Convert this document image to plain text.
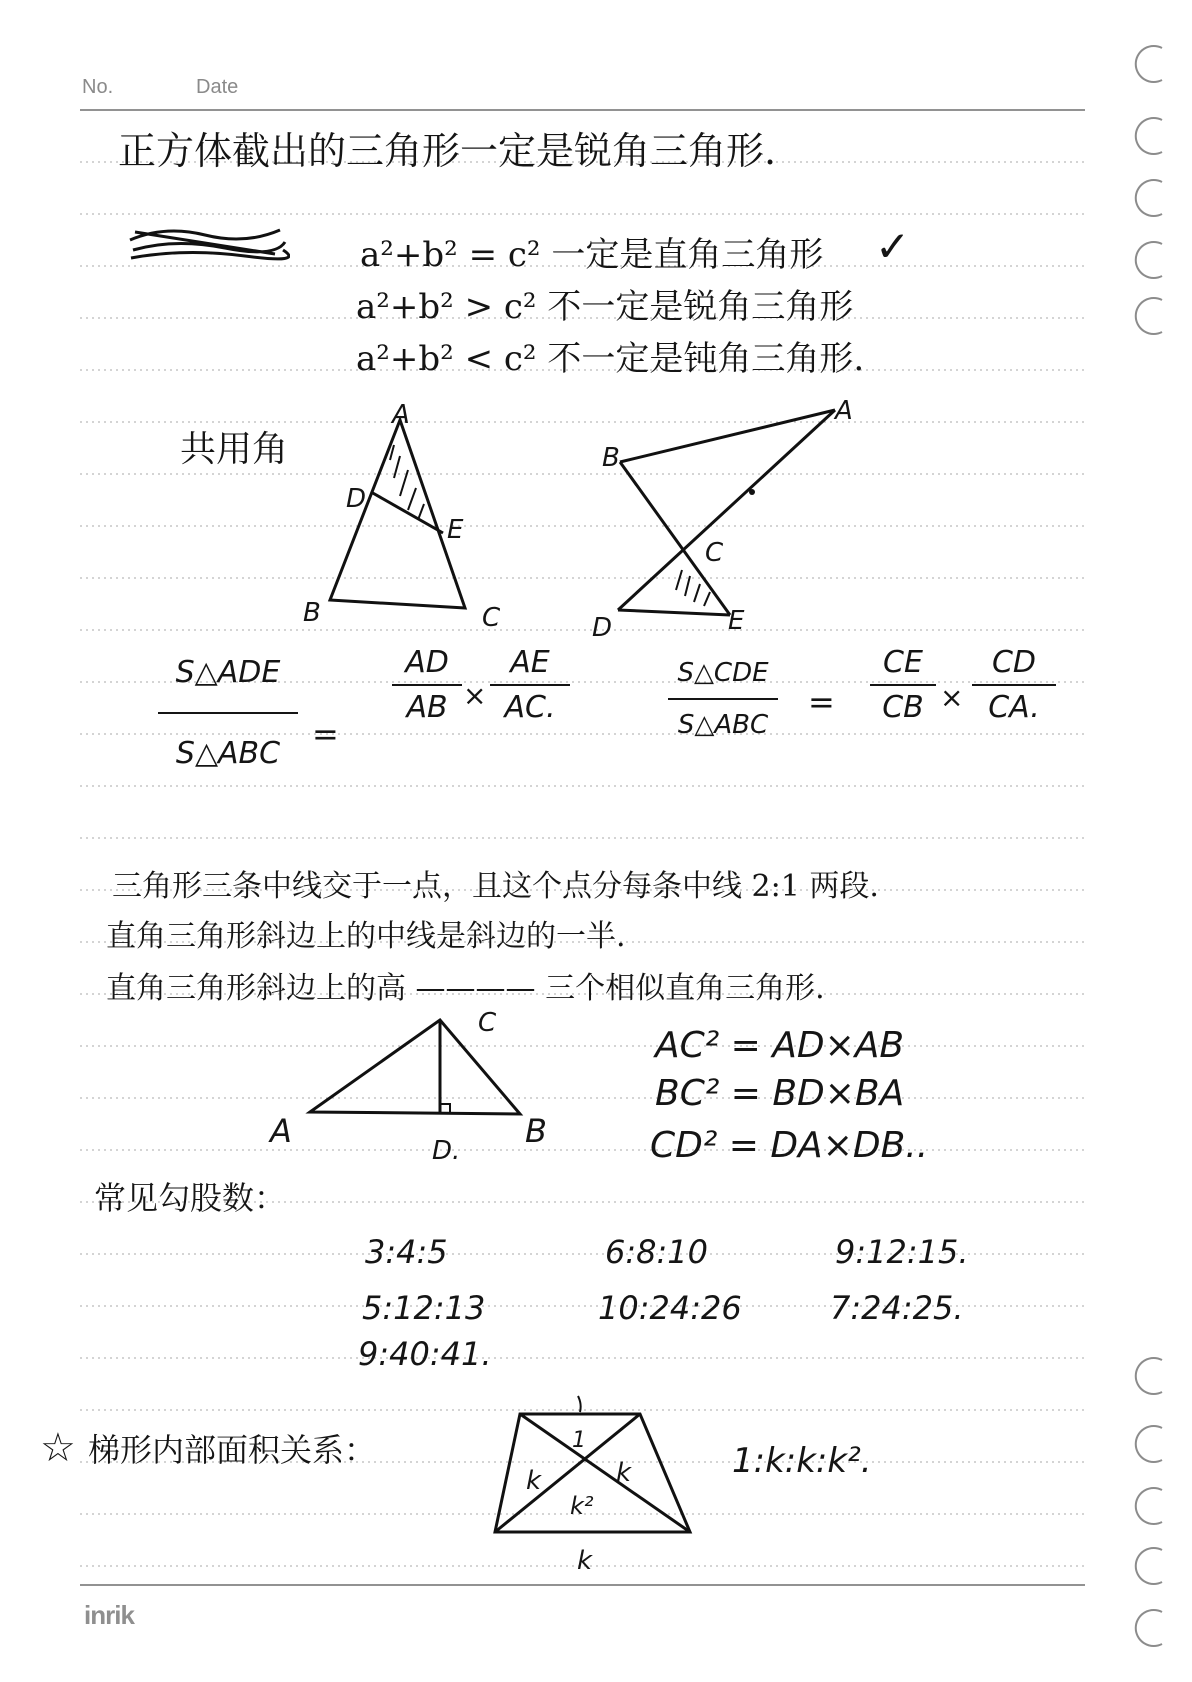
No.	Date
正方体截出的三角形一定是锐角三角形.
a²+b² = c² 一定是直角三角形 ✓
a²+b² > c² 不一定是锐角三角形
a²+b² < c² 不一定是钝角三角形.
共用角
A
D
E
B	C
A
B
C
D	E
S△ADE
S△ABC
=
AD
AB ×
AE
AC.
S△CDE
S△ABC
=
CE
CB ×
CD
CA.
三角形三条中线交于一点，且这个点分每条中线 2:1 两段.
直角三角形斜边上的中线是斜边的一半.
直角三角形斜边上的高 ———— 三个相似直角三角形.
C
A
D.
B
AC² = AD×AB
BC² = BD×BA
CD² = DA×DB..
常见勾股数：
3:4:5	6:8:10	9:12:15.
5:12:13	10:24:26	7:24:25.
9:40:41.
☆ 梯形内部面积关系：	1
k	k
k²
k
1:k:k:k².
inrik
